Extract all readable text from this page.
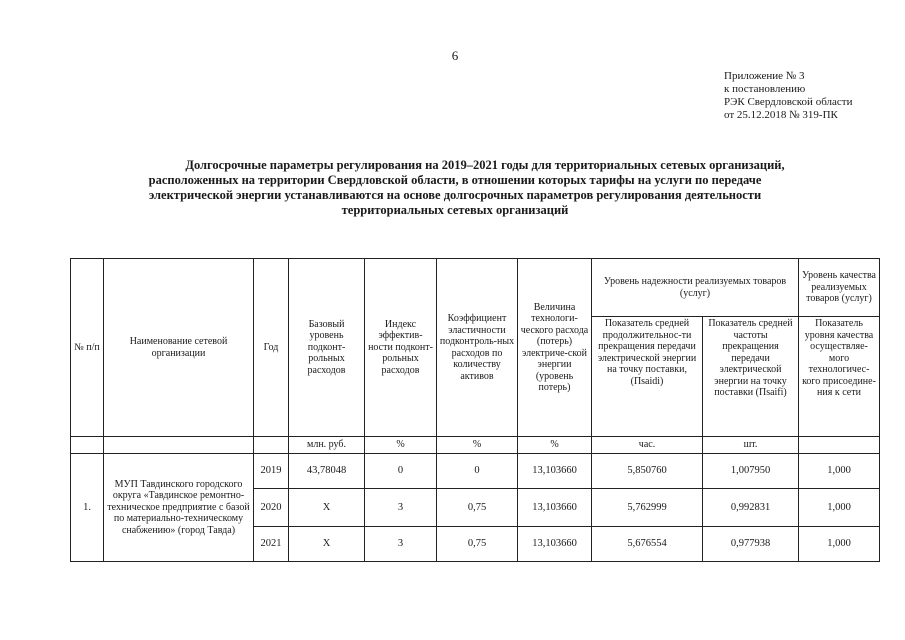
6
Приложение № 3
к постановлению
РЭК Свердловской области
от 25.12.2018 № 319-ПК
Долгосрочные параметры регулирования на 2019–2021 годы для территориальных сетевых организаций,
расположенных на территории Свердловской области, в отношении которых тарифы на услуги по передаче
электрической энергии устанавливаются на основе долгосрочных параметров регулирования деятельности
территориальных сетевых организаций
№ п/п	Наименование сетевой организации	Год	Базовый уровень подконт-рольных расходов	Индекс эффектив-ности подконт-рольных расходов	Коэффициент эластичности подконтроль-ных расходов по количеству активов	Величина технологи-ческого расхода (потерь) электриче-ской энергии (уровень потерь)	Уровень надежности реализуемых товаров (услуг)		Уровень качества реализуемых товаров (услуг)
							Показатель средней продолжительнос-ти прекращения передачи электрической энергии на точку поставки, (Пsaidi)	Показатель средней частоты прекращения передачи электрической энергии на точку поставки (Пsaifi)	Показатель уровня качества осуществляе-мого технологичес-кого присоедине-ния к сети
			млн. руб.	%	%	%	час.	шт.	
1.	МУП Тавдинского городского округа «Тавдинское ремонтно-техническое предприятие с базой по материально-техническому снабжению» (город Тавда)	2019	43,78048	0	0	13,103660	5,850760	1,007950	1,000
		2020	Х	3	0,75	13,103660	5,762999	0,992831	1,000
		2021	Х	3	0,75	13,103660	5,676554	0,977938	1,000
